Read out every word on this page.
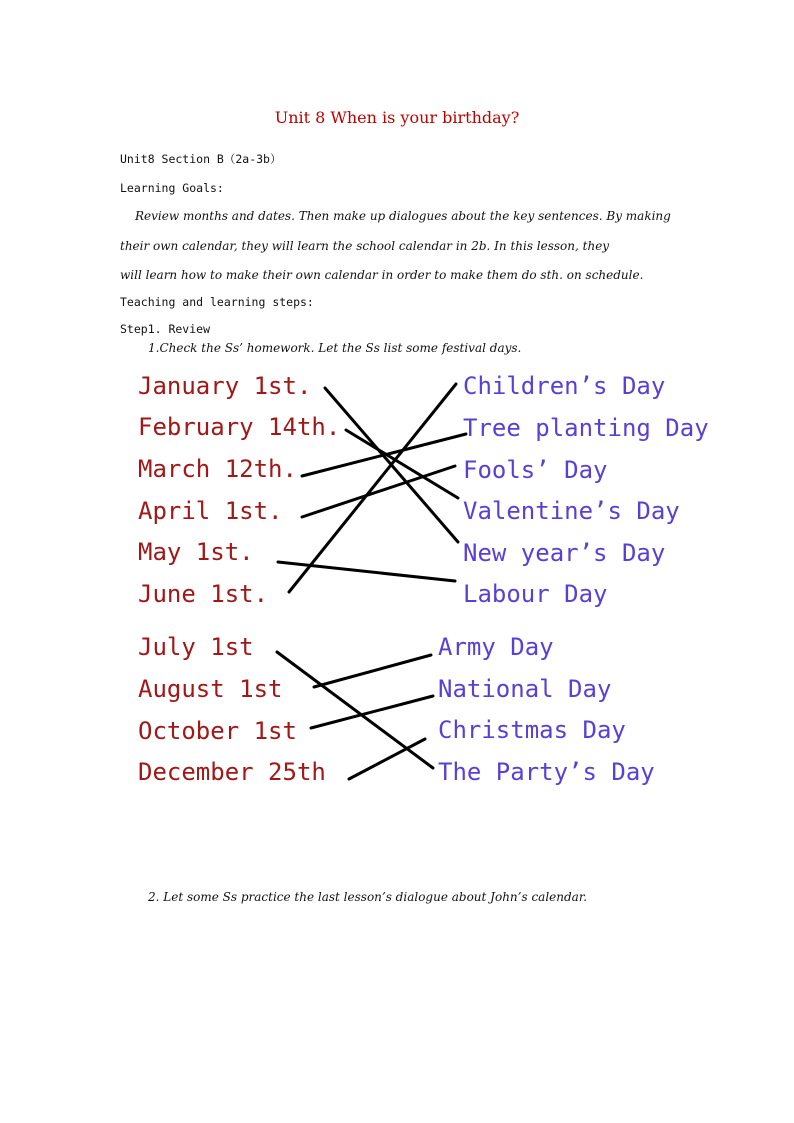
Unit 8 When is your birthday?
Unit8 Section B（2a-3b）
Learning Goals:
Review months and dates. Then make up dialogues about the key sentences. By making
their own calendar, they will learn the school calendar in 2b. In this lesson, they
will learn how to make their own calendar in order to make them do sth. on schedule.
Teaching and learning steps:
Step1. Review
1.Check the Ss’ homework. Let the Ss list some festival days.
January 1st.
February 14th.
March 12th.
April 1st.
May 1st.
June 1st.
Children’s Day
Tree planting Day
Fools’ Day
Valentine’s Day
New year’s Day
Labour Day
July 1st
August 1st
October 1st
December 25th
Army Day
National Day
Christmas Day
The Party’s Day
2. Let some Ss practice the last lesson’s dialogue about John’s calendar.
